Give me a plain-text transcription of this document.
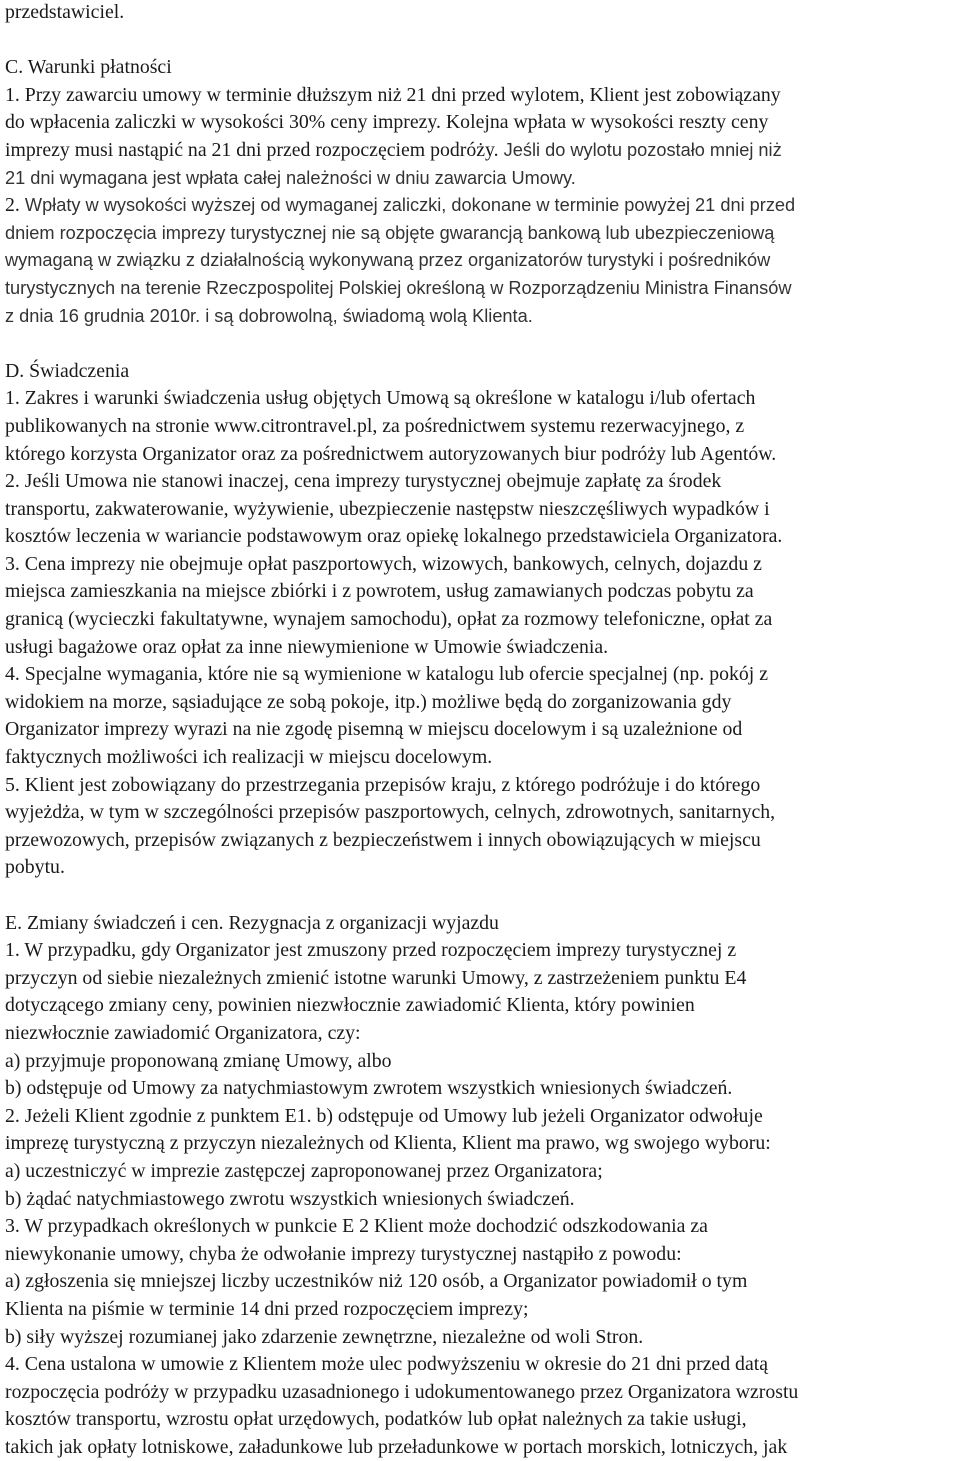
przedstawiciel.
C. Warunki płatności
1. Przy zawarciu umowy w terminie dłuższym niż 21 dni przed wylotem, Klient jest zobowiązany
do wpłacenia zaliczki w wysokości 30% ceny imprezy. Kolejna wpłata w wysokości reszty ceny
imprezy musi nastąpić na 21 dni przed rozpoczęciem podróży. Jeśli do wylotu pozostało mniej niż
21 dni wymagana jest wpłata całej należności w dniu zawarcia Umowy.
2. Wpłaty w wysokości wyższej od wymaganej zaliczki, dokonane w terminie powyżej 21 dni przed
dniem rozpoczęcia imprezy turystycznej nie są objęte gwarancją bankową lub ubezpieczeniową
wymaganą w związku z działalnością wykonywaną przez organizatorów turystyki i pośredników
turystycznych na terenie Rzeczpospolitej Polskiej określoną w Rozporządzeniu Ministra Finansów
z dnia 16 grudnia 2010r. i są dobrowolną, świadomą wolą Klienta.
D. Świadczenia
1. Zakres i warunki świadczenia usług objętych Umową są określone w katalogu i/lub ofertach
publikowanych na stronie www.citrontravel.pl, za pośrednictwem systemu rezerwacyjnego, z
którego korzysta Organizator oraz za pośrednictwem autoryzowanych biur podróży lub Agentów.
2. Jeśli Umowa nie stanowi inaczej, cena imprezy turystycznej obejmuje zapłatę za środek
transportu, zakwaterowanie, wyżywienie, ubezpieczenie następstw nieszczęśliwych wypadków i
kosztów leczenia w wariancie podstawowym oraz opiekę lokalnego przedstawiciela Organizatora.
3. Cena imprezy nie obejmuje opłat paszportowych, wizowych, bankowych, celnych, dojazdu z
miejsca zamieszkania na miejsce zbiórki i z powrotem, usług zamawianych podczas pobytu za
granicą (wycieczki fakultatywne, wynajem samochodu), opłat za rozmowy telefoniczne, opłat za
usługi bagażowe oraz opłat za inne niewymienione w Umowie świadczenia.
4. Specjalne wymagania, które nie są wymienione w katalogu lub ofercie specjalnej (np. pokój z
widokiem na morze, sąsiadujące ze sobą pokoje, itp.) możliwe będą do zorganizowania gdy
Organizator imprezy wyrazi na nie zgodę pisemną w miejscu docelowym i są uzależnione od
faktycznych możliwości ich realizacji w miejscu docelowym.
5. Klient jest zobowiązany do przestrzegania przepisów kraju, z którego podróżuje i do którego
wyjeżdża, w tym w szczególności przepisów paszportowych, celnych, zdrowotnych, sanitarnych,
przewozowych, przepisów związanych z bezpieczeństwem i innych obowiązujących w miejscu
pobytu.
E. Zmiany świadczeń i cen. Rezygnacja z organizacji wyjazdu
1. W przypadku, gdy Organizator jest zmuszony przed rozpoczęciem imprezy turystycznej z
przyczyn od siebie niezależnych zmienić istotne warunki Umowy, z zastrzeżeniem punktu E4
dotyczącego zmiany ceny, powinien niezwłocznie zawiadomić Klienta, który powinien
niezwłocznie zawiadomić Organizatora, czy:
a) przyjmuje proponowaną zmianę Umowy, albo
b) odstępuje od Umowy za natychmiastowym zwrotem wszystkich wniesionych świadczeń.
2. Jeżeli Klient zgodnie z punktem E1. b) odstępuje od Umowy lub jeżeli Organizator odwołuje
imprezę turystyczną z przyczyn niezależnych od Klienta, Klient ma prawo, wg swojego wyboru:
a) uczestniczyć w imprezie zastępczej zaproponowanej przez Organizatora;
b) żądać natychmiastowego zwrotu wszystkich wniesionych świadczeń.
3. W przypadkach określonych w punkcie E 2 Klient może dochodzić odszkodowania za
niewykonanie umowy, chyba że odwołanie imprezy turystycznej nastąpiło z powodu:
a) zgłoszenia się mniejszej liczby uczestników niż 120 osób, a Organizator powiadomił o tym
Klienta na piśmie w terminie 14 dni przed rozpoczęciem imprezy;
b) siły wyższej rozumianej jako zdarzenie zewnętrzne, niezależne od woli Stron.
4. Cena ustalona w umowie z Klientem może ulec podwyższeniu w okresie do 21 dni przed datą
rozpoczęcia podróży w przypadku uzasadnionego i udokumentowanego przez Organizatora wzrostu
kosztów transportu, wzrostu opłat urzędowych, podatków lub opłat należnych za takie usługi,
takich jak opłaty lotniskowe, załadunkowe lub przeładunkowe w portach morskich, lotniczych, jak
